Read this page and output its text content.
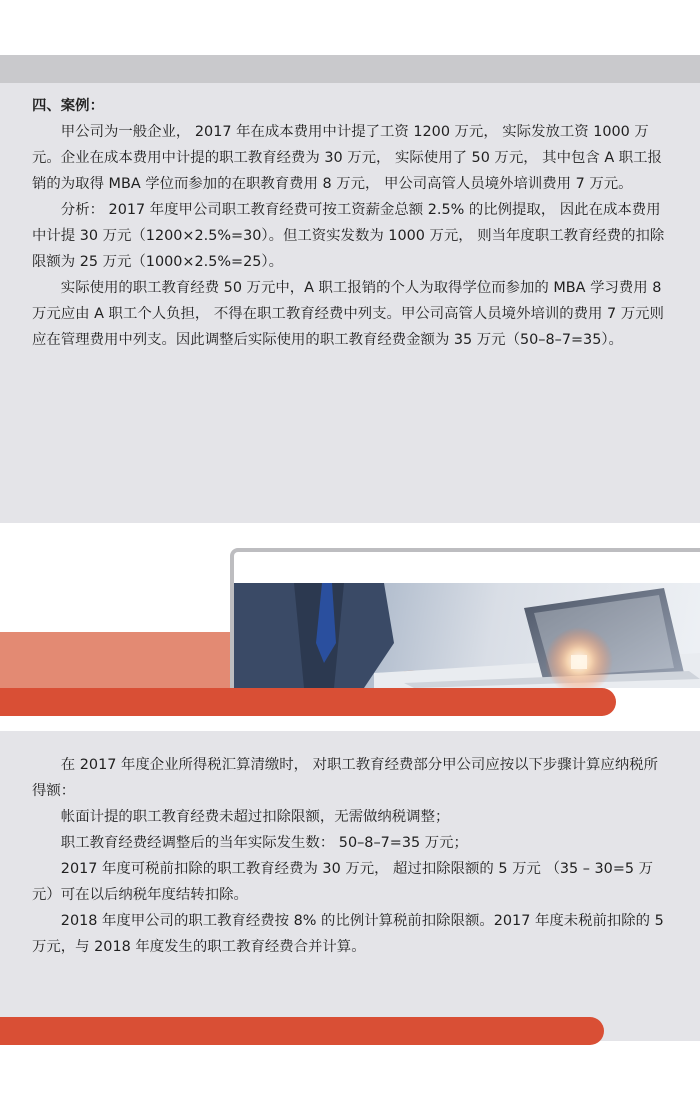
四、案例：

甲公司为一般企业， 2017 年在成本费用中计提了工资 1200 万元， 实际发放工资 1000 万元。企业在成本费用中计提的职工教育经费为 30 万元， 实际使用了 50 万元， 其中包含 A 职工报销的为取得 MBA 学位而参加的在职教育费用 8 万元， 甲公司高管人员境外培训费用 7 万元。

分析： 2017 年度甲公司职工教育经费可按工资薪金总额 2.5% 的比例提取， 因此在成本费用中计提 30 万元（1200×2.5%=30）。但工资实发数为 1000 万元， 则当年度职工教育经费的扣除限额为 25 万元（1000×2.5%=25）。

实际使用的职工教育经费 50 万元中，A 职工报销的个人为取得学位而参加的 MBA 学习费用 8 万元应由 A 职工个人负担， 不得在职工教育经费中列支。甲公司高管人员境外培训的费用 7 万元则应在管理费用中列支。因此调整后实际使用的职工教育经费金额为 35 万元（50–8–7=35）。

在 2017 年度企业所得税汇算清缴时， 对职工教育经费部分甲公司应按以下步骤计算应纳税所得额：

帐面计提的职工教育经费未超过扣除限额，无需做纳税调整；

职工教育经费经调整后的当年实际发生数： 50–8–7=35 万元；

2017 年度可税前扣除的职工教育经费为 30 万元， 超过扣除限额的 5 万元 （35 – 30=5 万元）可在以后纳税年度结转扣除。

2018 年度甲公司的职工教育经费按 8% 的比例计算税前扣除限额。2017 年度未税前扣除的 5 万元，与 2018 年度发生的职工教育经费合并计算。
